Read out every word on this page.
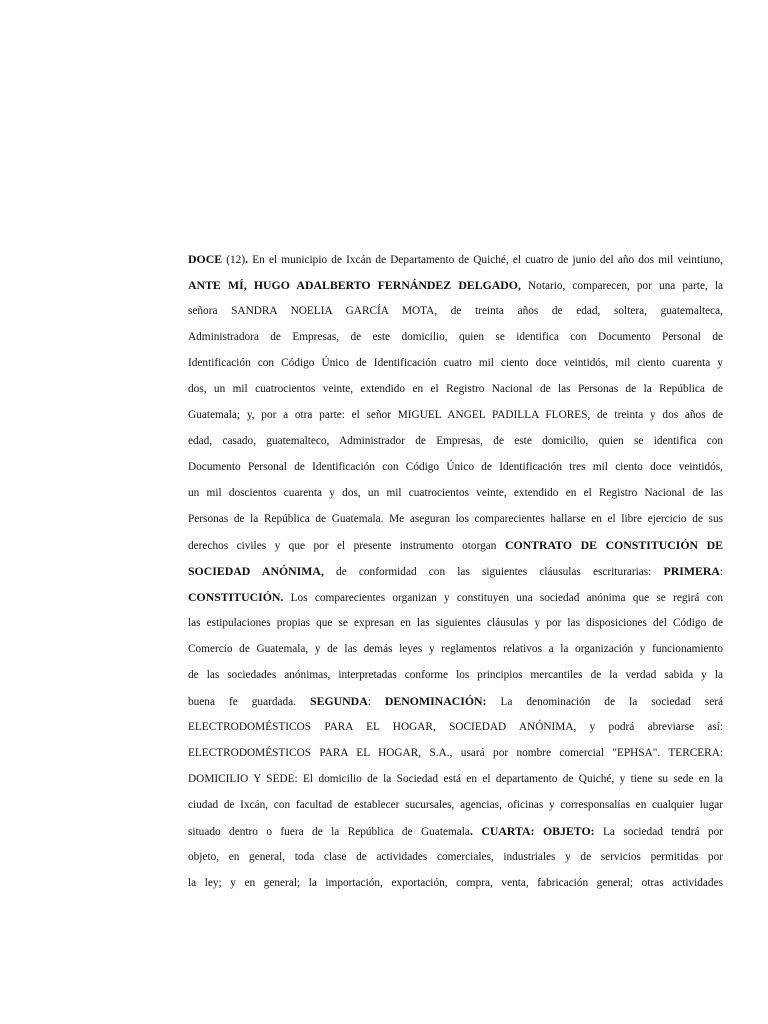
DOCE (12). En el municipio de Ixcán de Departamento de Quiché, el cuatro de junio del año dos mil veintiuno,
ANTE MÍ, HUGO ADALBERTO FERNÁNDEZ DELGADO, Notario, comparecen, por una parte, la
señora SANDRA NOELIA GARCÍA MOTA, de treinta años de edad, soltera, guatemalteca,
Administradora de Empresas, de este domicilio, quien se identifica con Documento Personal de
Identificación con Código Único de Identificación cuatro mil ciento doce veintidós, mil ciento cuarenta y
dos, un mil cuatrocientos veinte, extendido en el Registro Nacional de las Personas de la República de
Guatemala; y, por a otra parte: el señor MIGUEL ANGEL PADILLA FLORES, de treinta y dos años de
edad, casado, guatemalteco, Administrador de Empresas, de este domicilio, quien se identifica con
Documento Personal de Identificación con Código Único de Identificación tres mil ciento doce veintidós,
un mil doscientos cuarenta y dos, un mil cuatrocientos veinte, extendido en el Registro Nacional de las
Personas de la República de Guatemala. Me aseguran los comparecientes hallarse en el libre ejercicio de sus
derechos civiles y que por el presente instrumento otorgan CONTRATO DE CONSTITUCIÓN DE
SOCIEDAD ANÓNIMA, de conformidad con las siguientes cláusulas escriturarias: PRIMERA:
CONSTITUCIÓN. Los comparecientes organizan y constituyen una sociedad anónima que se regirá con
las estipulaciones propias que se expresan en las siguientes cláusulas y por las disposiciones del Código de
Comercio de Guatemala, y de las demás leyes y reglamentos relativos a la organización y funcionamiento
de las sociedades anónimas, interpretadas conforme los principios mercantiles de la verdad sabida y la
buena fe guardada. SEGUNDA: DENOMINACIÓN: La denominación de la sociedad será
ELECTRODOMÉSTICOS PARA EL HOGAR, SOCIEDAD ANÓNIMA, y podrá abreviarse así:
ELECTRODOMÉSTICOS PARA EL HOGAR, S.A., usará por nombre comercial "EPHSA". TERCERA:
DOMICILIO Y SEDE: El domicilio de la Sociedad está en el departamento de Quiché, y tiene su sede en la
ciudad de Ixcán, con facultad de establecer sucursales, agencias, oficinas y corresponsalías en cualquier lugar
situado dentro o fuera de la República de Guatemala. CUARTA: OBJETO: La sociedad tendrá por
objeto, en general, toda clase de actividades comerciales, industriales y de servicios permitidas por
la ley; y en general; la importación, exportación, compra, venta, fabricación general; otras actividades
